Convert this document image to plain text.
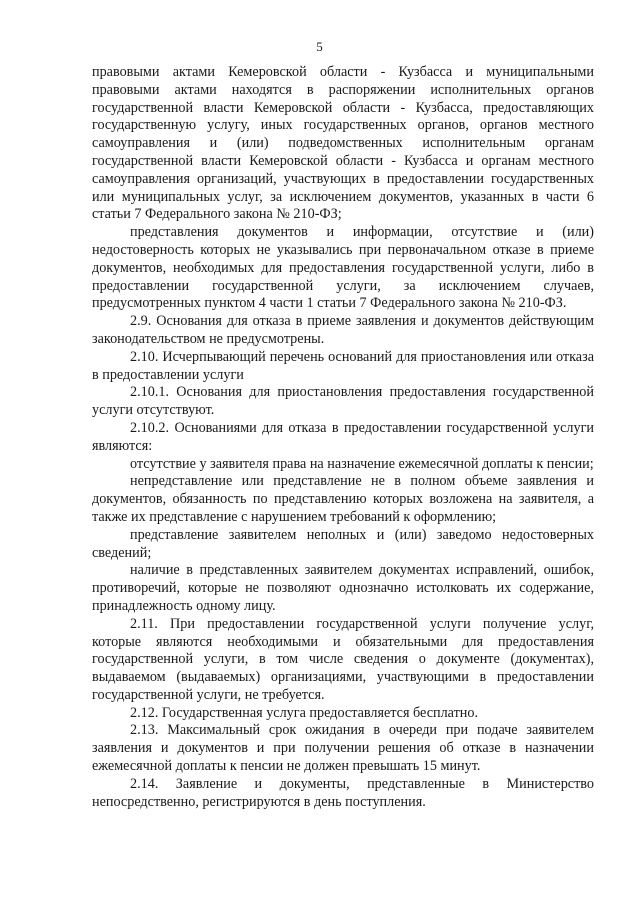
5

правовыми актами Кемеровской области - Кузбасса и муниципальными правовыми актами находятся в распоряжении исполнительных органов государственной власти Кемеровской области - Кузбасса, предоставляющих государственную услугу, иных государственных органов, органов местного самоуправления и (или) подведомственных исполнительным органам государственной власти Кемеровской области - Кузбасса и органам местного самоуправления организаций, участвующих в предоставлении государственных или муниципальных услуг, за исключением документов, указанных в части 6 статьи 7 Федерального закона № 210-ФЗ;

представления документов и информации, отсутствие и (или) недостоверность которых не указывались при первоначальном отказе в приеме документов, необходимых для предоставления государственной услуги, либо в предоставлении государственной услуги, за исключением случаев, предусмотренных пунктом 4 части 1 статьи 7 Федерального закона № 210-ФЗ.

2.9. Основания для отказа в приеме заявления и документов действующим законодательством не предусмотрены.

2.10. Исчерпывающий перечень оснований для приостановления или отказа в предоставлении услуги

2.10.1. Основания для приостановления предоставления государственной услуги отсутствуют.

2.10.2. Основаниями для отказа в предоставлении государственной услуги являются:

отсутствие у заявителя права на назначение ежемесячной доплаты к пенсии;

непредставление или представление не в полном объеме заявления и документов, обязанность по представлению которых возложена на заявителя, а также их представление с нарушением требований к оформлению;

представление заявителем неполных и (или) заведомо недостоверных сведений;

наличие в представленных заявителем документах исправлений, ошибок, противоречий, которые не позволяют однозначно истолковать их содержание, принадлежность одному лицу.

2.11. При предоставлении государственной услуги получение услуг, которые являются необходимыми и обязательными для предоставления государственной услуги, в том числе сведения о документе (документах), выдаваемом (выдаваемых) организациями, участвующими в предоставлении государственной услуги, не требуется.

2.12. Государственная услуга предоставляется бесплатно.

2.13. Максимальный срок ожидания в очереди при подаче заявителем заявления и документов и при получении решения об отказе в назначении ежемесячной доплаты к пенсии не должен превышать 15 минут.

2.14. Заявление и документы, представленные в Министерство непосредственно, регистрируются в день поступления.
